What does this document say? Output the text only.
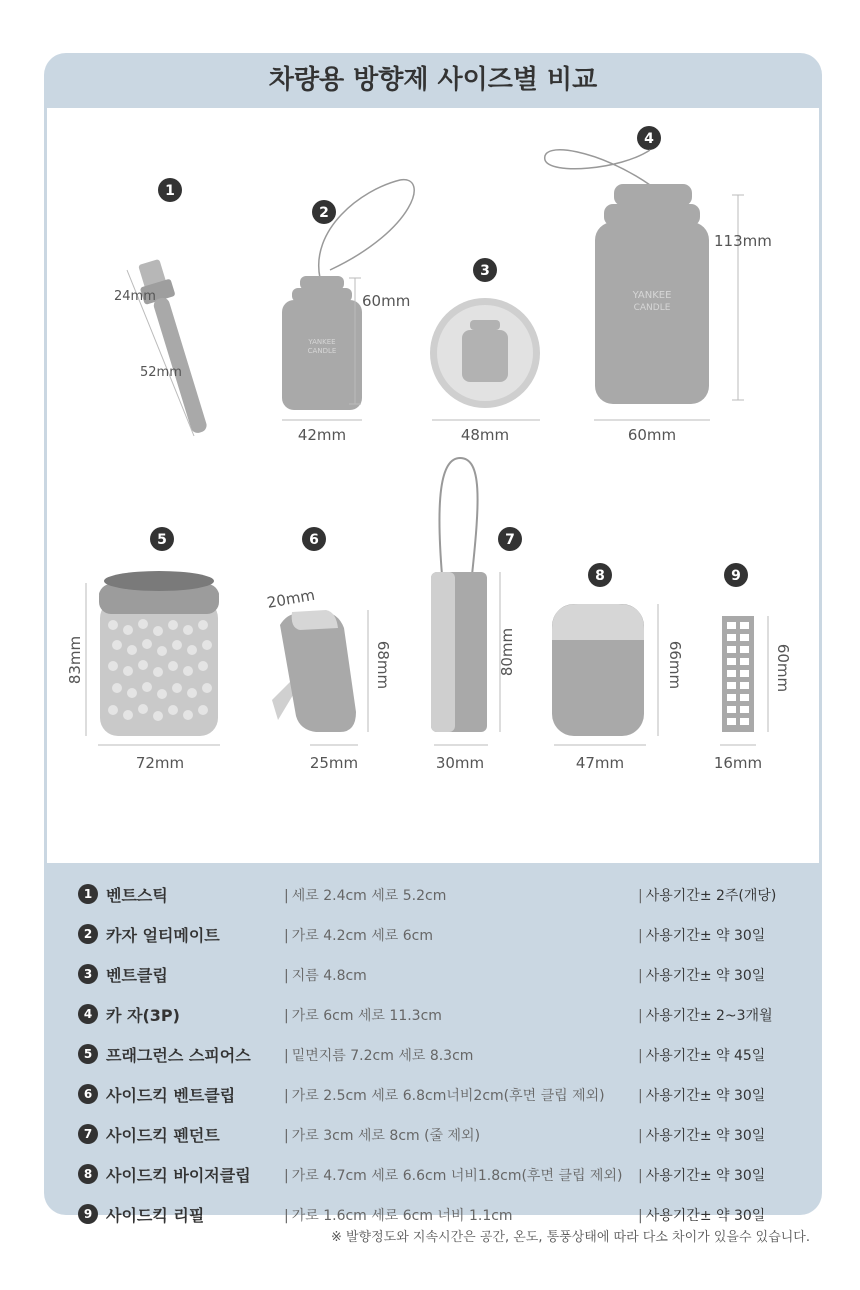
차량용 방향제 사이즈별 비교
1
24mm
52mm
2
YANKEE
CANDLE
60mm
42mm
3
48mm
4
YANKEE
CANDLE
113mm
60mm
5
83mm
72mm
6
20mm
68mm
25mm
7
80mm
30mm
8
66mm
47mm
9
60mm
16mm
1 벤트스틱	| 세로 2.4cm 세로 5.2cm	| 사용기간± 2주(개당)
2 카자 얼티메이트	| 가로 4.2cm 세로 6cm	| 사용기간± 약 30일
3 벤트클립	| 지름 4.8cm	| 사용기간± 약 30일
4 카 자(3P)	| 가로 6cm 세로 11.3cm	| 사용기간± 2~3개월
5 프래그런스 스피어스	| 밑면지름 7.2cm 세로 8.3cm	| 사용기간± 약 45일
6 사이드킥 벤트클립	| 가로 2.5cm 세로 6.8cm너비2cm(후면 클립 제외)	| 사용기간± 약 30일
7 사이드킥 펜던트	| 가로 3cm 세로 8cm (줄 제외)	| 사용기간± 약 30일
8 사이드킥 바이저클립	| 가로 4.7cm 세로 6.6cm 너비1.8cm(후면 클립 제외)	| 사용기간± 약 30일
9 사이드킥 리필	| 가로 1.6cm 세로 6cm 너비 1.1cm	| 사용기간± 약 30일
※ 발향정도와 지속시간은 공간, 온도, 통풍상태에 따라 다소 차이가 있을수 있습니다.
